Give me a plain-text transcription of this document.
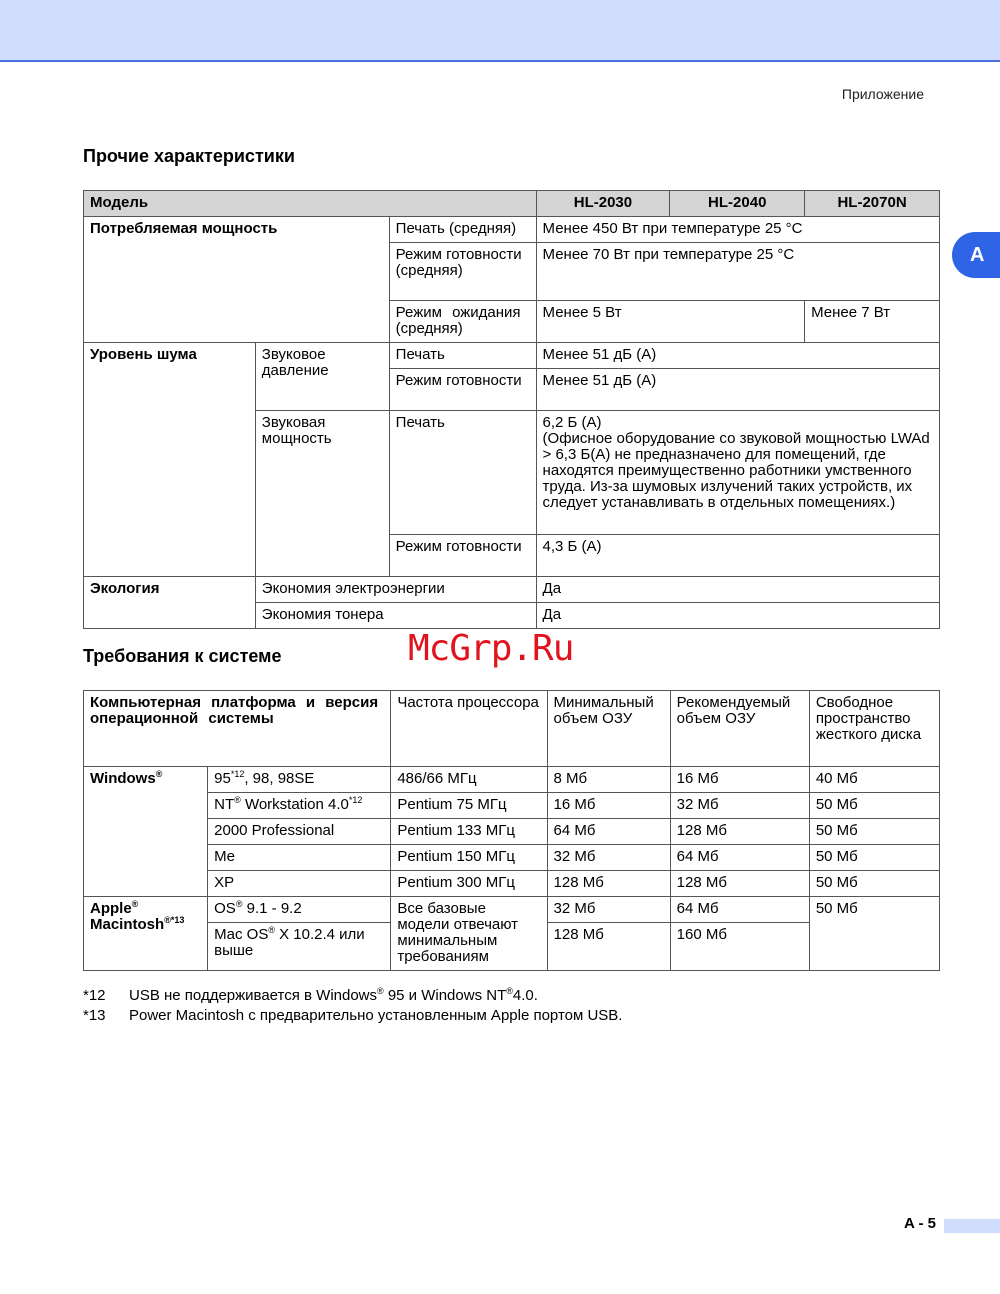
Приложение
A
Прочие характеристики
Модель			HL-2030	HL-2040	HL-2070N
Потребляемая мощность		Печать (средняя)	Менее 450 Вт при температуре 25 °C		
		Режим готовности (средняя)	Менее 70 Вт при температуре 25 °C		
		Режим ожидания (средняя)	Менее 5 Вт		Менее 7 Вт
Уровень шума	Звуковое давление	Печать	Менее 51 дБ (A)		
		Режим готовности	Менее 51 дБ (A)		
	Звуковая мощность	Печать	6,2 Б (A)
(Офисное оборудование со звуковой мощностью LWAd > 6,3 Б(A) не предназначено для помещений, где находятся преимущественно работники умственного труда. Из-за шумовых излучений таких устройств, их следует устанавливать в отдельных помещениях.)		

		Режим готовности	4,3 Б (A)		
Экология	Экономия электроэнергии		Да		
	Экономия тонера		Да		
Требования к системе	McGrp.Ru
Компьютерная платформа и версия операционной системы		Частота процессора	Минимальный объем ОЗУ	Рекомендуемый объем ОЗУ	Свободное пространство жесткого диска
Windows®	95$^{*12}$, 98, 98SE	486/66 МГц	8 Мб	16 Мб	40 Мб
	NT® Workstation 4.0$^{*12}$	Pentium 75 МГц	16 Мб	32 Мб	50 Мб
	2000 Professional	Pentium 133 МГц	64 Мб	128 Мб	50 Мб
	Me	Pentium 150 МГц	32 Мб	64 Мб	50 Мб
	XP	Pentium 300 МГц	128 Мб	128 Мб	50 Мб

Apple®
Macintosh$^{®*13}$	OS® 9.1 - 9.2	Все базовые модели отвечают минимальным требованиям	32 Мб	64 Мб	50 Мб
	Mac OS® X 10.2.4 или выше		128 Мб	160 Мб	
*12	USB не поддерживается в Windows® 95 и Windows NT®4.0.
*13	Power Macintosh с предварительно установленным Apple портом USB.
A - 5
